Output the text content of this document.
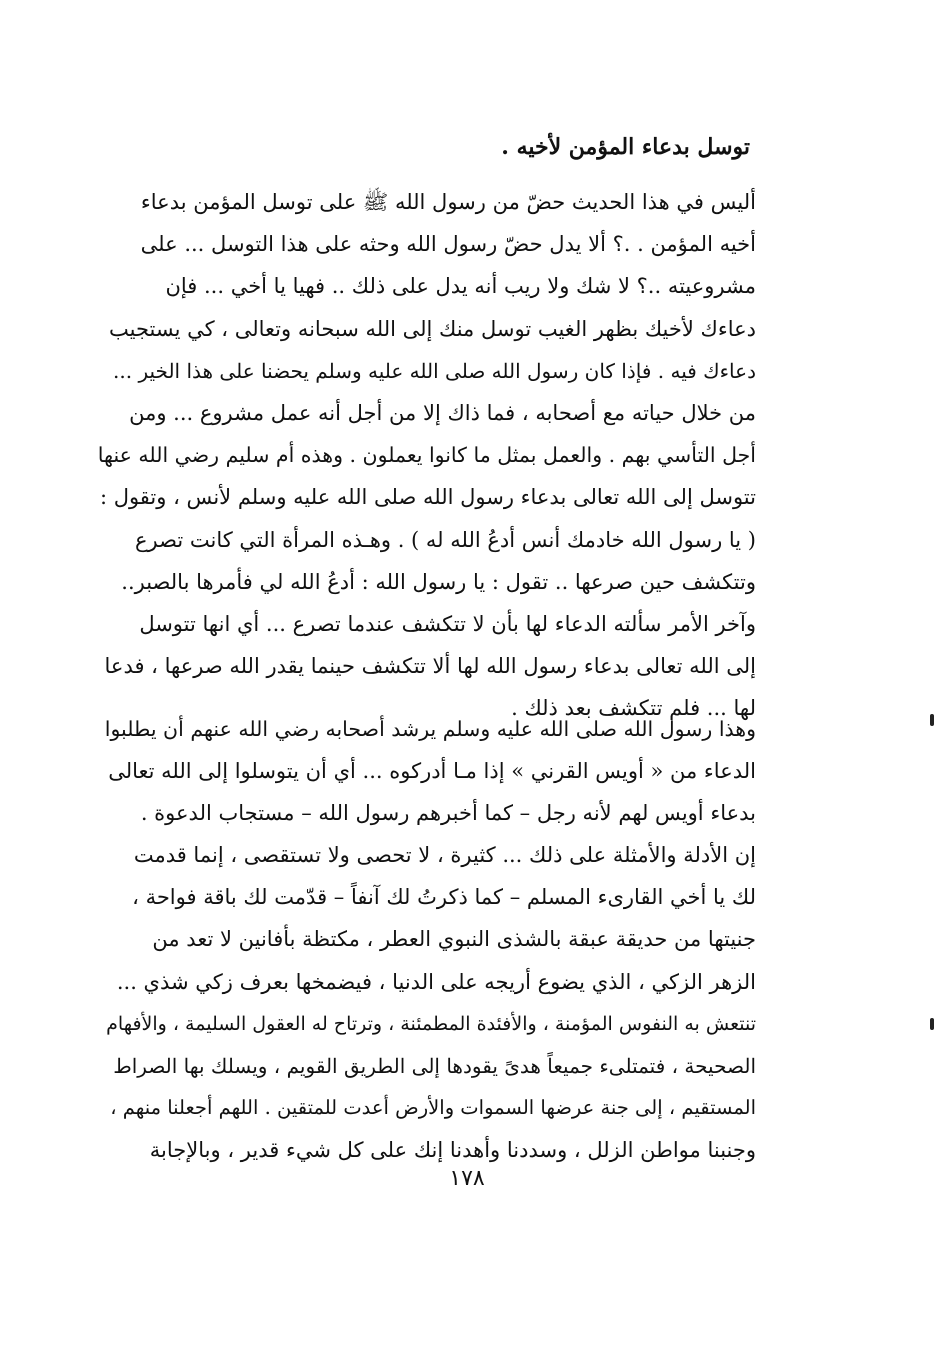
توسل بدعاء المؤمن لأخيه .
أليس في هذا الحديث حضّ من رسول الله ﷺ على توسل المؤمن بدعاء
أخيه المؤمن . .؟ ألا يدل حضّ رسول الله وحثه على هذا التوسل ... على
مشروعيته ..؟ لا شك ولا ريب أنه يدل على ذلك .. فهيا يا أخي ... فإن
دعاءك لأخيك بظهر الغيب توسل منك إلى الله سبحانه وتعالى ، كي يستجيب
دعاءك فيه . فإذا كان رسول الله صلى الله عليه وسلم يحضنا على هذا الخير ...
من خلال حياته مع أصحابه ، فما ذاك إلا من أجل أنه عمل مشروع ... ومن
أجل التأسي بهم . والعمل بمثل ما كانوا يعملون . وهذه أم سليم رضي الله عنها
تتوسل إلى الله تعالى بدعاء رسول الله صلى الله عليه وسلم لأنس ، وتقول :
( يا رسول الله خادمك أنس أدعُ الله له ) . وهـذه المرأة التي كانت تصرع
وتتكشف حين صرعها .. تقول : يا رسول الله : أدعُ الله لي فأمرها بالصبر..
وآخر الأمر سألته الدعاء لها بأن لا تتكشف عندما تصرع ... أي انها تتوسل
إلى الله تعالى بدعاء رسول الله لها ألا تتكشف حينما يقدر الله صرعها ، فدعا
لها ... فلم تتكشف بعد ذلك .
وهذا رسول الله صلى الله عليه وسلم يرشد أصحابه رضي الله عنهم أن يطلبوا
الدعاء من « أويس القرني » إذا مـا أدركوه ... أي أن يتوسلوا إلى الله تعالى
بدعاء أويس لهم لأنه رجل – كما أخبرهم رسول الله – مستجاب الدعوة .
إن الأدلة والأمثلة على ذلك ... كثيرة ، لا تحصى ولا تستقصى ، إنما قدمت
لك يا أخي القارىء المسلم – كما ذكرتُ لك آنفاً – قدّمت لك باقة فواحة ،
جنيتها من حديقة عبقة بالشذى النبوي العطر ، مكتظة بأفانين لا تعد من
الزهر الزكي ، الذي يضوع أريجه على الدنيا ، فيضمخها بعرف زكي شذي ...
تنتعش به النفوس المؤمنة ، والأفئدة المطمئنة ، وترتاح له العقول السليمة ، والأفهام
الصحيحة ، فتمتلىء جميعاً هدىً يقودها إلى الطريق القويم ، ويسلك بها الصراط
المستقيم ، إلى جنة عرضها السموات والأرض أعدت للمتقين . اللهم أجعلنا منهم ،
وجنبنا مواطن الزلل ، وسددنا وأهدنا إنك على كل شيء قدير ، وبالإجابة
١٧٨
